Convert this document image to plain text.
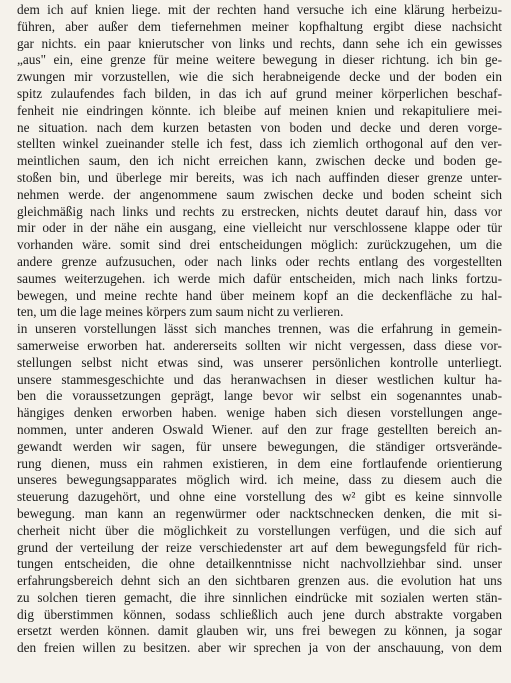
dem ich auf knien liege. mit der rechten hand versuche ich eine klärung herbeizu-
führen, aber außer dem tiefernehmen meiner kopfhaltung ergibt diese nachsicht
gar nichts. ein paar knierutscher von links und rechts, dann sehe ich ein gewisses
„aus" ein, eine grenze für meine weitere bewegung in dieser richtung. ich bin ge-
zwungen mir vorzustellen, wie die sich herabneigende decke und der boden ein
spitz zulaufendes fach bilden, in das ich auf grund meiner körperlichen beschaf-
fenheit nie eindringen könnte. ich bleibe auf meinen knien und rekapituliere mei-
ne situation. nach dem kurzen betasten von boden und decke und deren vorge-
stellten winkel zueinander stelle ich fest, dass ich ziemlich orthogonal auf den ver-
meintlichen saum, den ich nicht erreichen kann, zwischen decke und boden ge-
stoßen bin, und überlege mir bereits, was ich nach auffinden dieser grenze unter-
nehmen werde. der angenommene saum zwischen decke und boden scheint sich
gleichmäßig nach links und rechts zu erstrecken, nichts deutet darauf hin, dass vor
mir oder in der nähe ein ausgang, eine vielleicht nur verschlossene klappe oder tür
vorhanden wäre. somit sind drei entscheidungen möglich: zurückzugehen, um die
andere grenze aufzusuchen, oder nach links oder rechts entlang des vorgestellten
saumes weiterzugehen. ich werde mich dafür entscheiden, mich nach links fortzu-
bewegen, und meine rechte hand über meinem kopf an die deckenfläche zu hal-
ten, um die lage meines körpers zum saum nicht zu verlieren.
in unseren vorstellungen lässt sich manches trennen, was die erfahrung in gemein-
samerweise erworben hat. andererseits sollten wir nicht vergessen, dass diese vor-
stellungen selbst nicht etwas sind, was unserer persönlichen kontrolle unterliegt.
unsere stammesgeschichte und das heranwachsen in dieser westlichen kultur ha-
ben die voraussetzungen geprägt, lange bevor wir selbst ein sogenanntes unab-
hängiges denken erworben haben. wenige haben sich diesen vorstellungen ange-
nommen, unter anderen Oswald Wiener. auf den zur frage gestellten bereich an-
gewandt werden wir sagen, für unsere bewegungen, die ständiger ortsverände-
rung dienen, muss ein rahmen existieren, in dem eine fortlaufende orientierung
unseres bewegungsapparates möglich wird. ich meine, dass zu diesem auch die
steuerung dazugehört, und ohne eine vorstellung des w² gibt es keine sinnvolle
bewegung. man kann an regenwürmer oder nacktschnecken denken, die mit si-
cherheit nicht über die möglichkeit zu vorstellungen verfügen, und die sich auf
grund der verteilung der reize verschiedenster art auf dem bewegungsfeld für rich-
tungen entscheiden, die ohne detailkenntnisse nicht nachvollziehbar sind. unser
erfahrungsbereich dehnt sich an den sichtbaren grenzen aus. die evolution hat uns
zu solchen tieren gemacht, die ihre sinnlichen eindrücke mit sozialen werten stän-
dig überstimmen können, sodass schließlich auch jene durch abstrakte vorgaben
ersetzt werden können. damit glauben wir, uns frei bewegen zu können, ja sogar
den freien willen zu besitzen. aber wir sprechen ja von der anschauung, von dem
